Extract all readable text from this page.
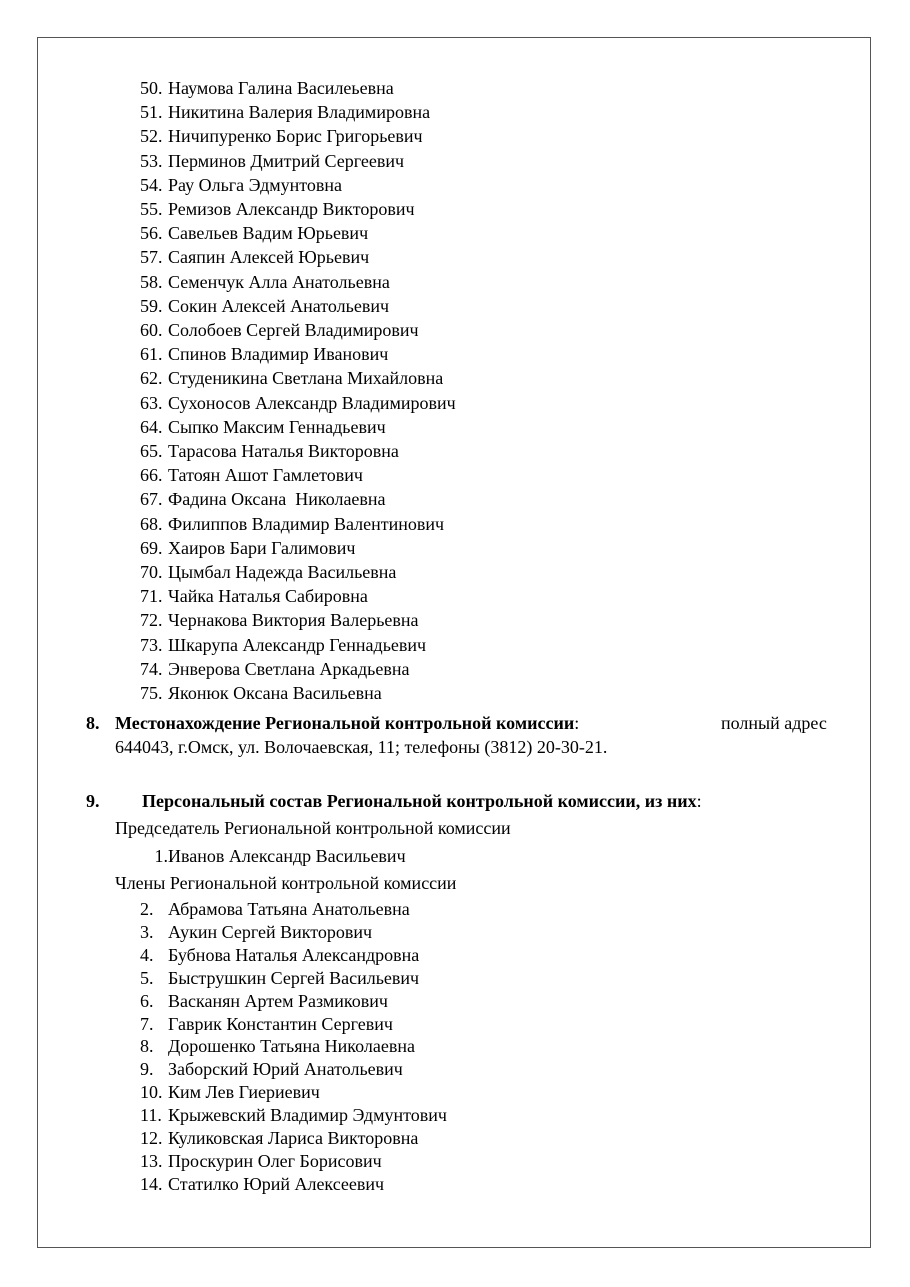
50. Наумова Галина Василеьевна
51. Никитина Валерия Владимировна
52. Ничипуренко Борис Григорьевич
53. Перминов Дмитрий Сергеевич
54. Рау Ольга Эдмунтовна
55. Ремизов Александр Викторович
56. Савельев Вадим Юрьевич
57. Саяпин Алексей Юрьевич
58. Семенчук Алла Анатольевна
59. Сокин Алексей Анатольевич
60. Солобоев Сергей Владимирович
61. Спинов Владимир Иванович
62. Студеникина Светлана Михайловна
63. Сухоносов Александр Владимирович
64. Сыпко Максим Геннадьевич
65. Тарасова Наталья Викторовна
66. Татоян Ашот Гамлетович
67. Фадина Оксана  Николаевна
68. Филиппов Владимир Валентинович
69. Хаиров Бари Галимович
70. Цымбал Надежда Васильевна
71. Чайка Наталья Сабировна
72. Чернакова Виктория Валерьевна
73. Шкарупа Александр Геннадьевич
74. Энверова Светлана Аркадьевна
75. Яконюк Оксана Васильевна
8. Местонахождение Региональной контрольной комиссии:	полный адрес
644043, г.Омск, ул. Волочаевская, 11; телефоны (3812) 20-30-21.
9. Персональный состав Региональной контрольной комиссии, из них:
Председатель Региональной контрольной комиссии
1.Иванов Александр Васильевич
Члены Региональной контрольной комиссии
2. Абрамова Татьяна Анатольевна
3. Аукин Сергей Викторович
4. Бубнова Наталья Александровна
5. Быструшкин Сергей Васильевич
6. Васканян Артем Размикович
7. Гаврик Константин Сергевич
8. Дорошенко Татьяна Николаевна
9. Заборский Юрий Анатольевич
10. Ким Лев Гиериевич
11. Крыжевский Владимир Эдмунтович
12. Куликовская Лариса Викторовна
13. Проскурин Олег Борисович
14. Статилко Юрий Алексеевич
